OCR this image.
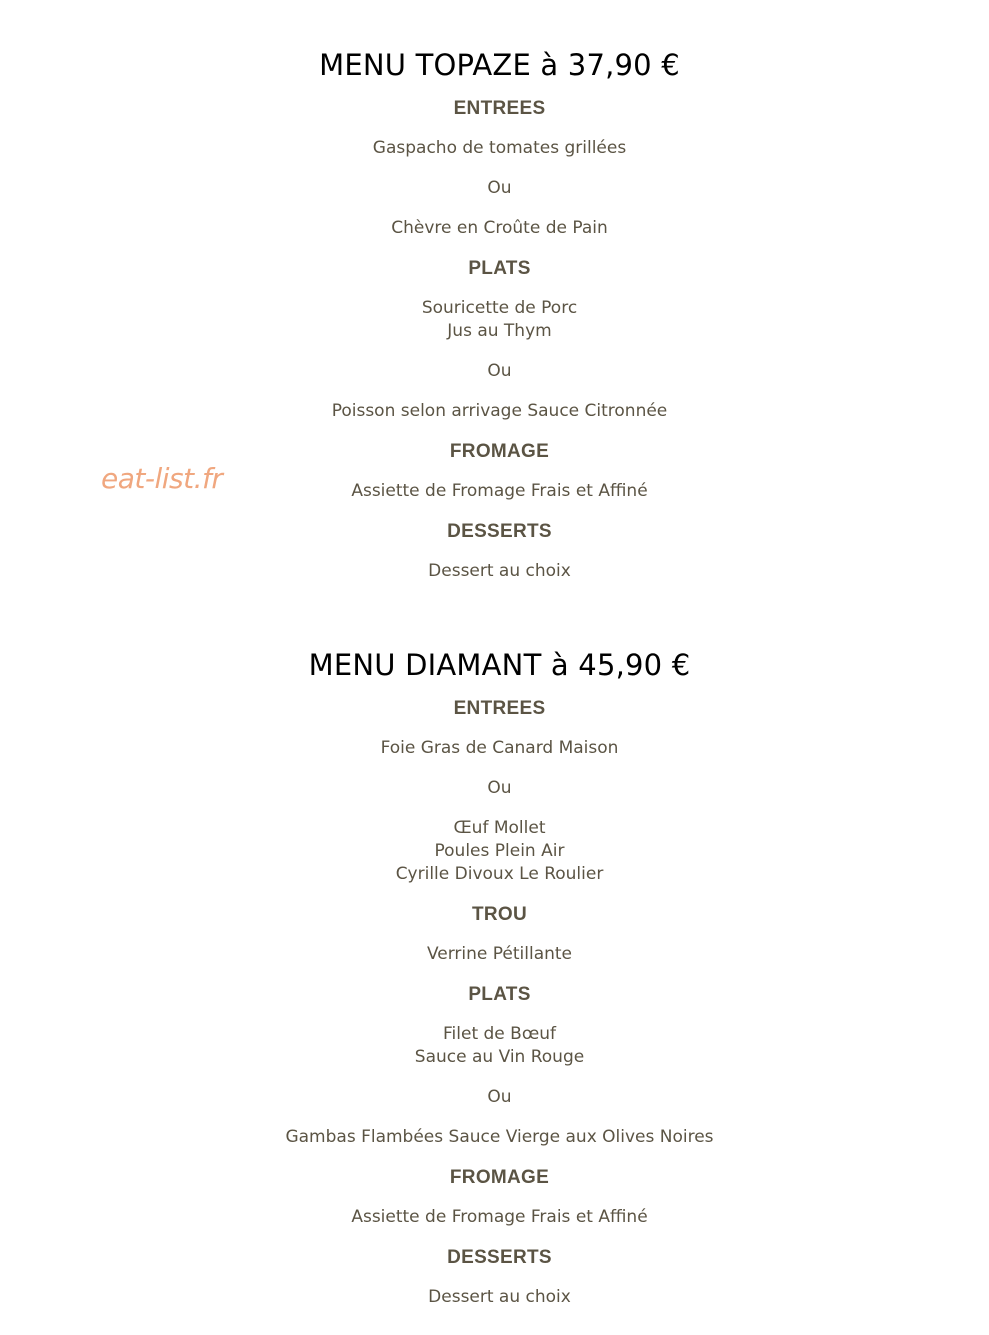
eat-list.fr
MENU TOPAZE à 37,90 €
ENTREES
Gaspacho de tomates grillées
Ou
Chèvre en Croûte de Pain
PLATS
Souricette de Porc
Jus au Thym
Ou
Poisson selon arrivage Sauce Citronnée
FROMAGE
Assiette de Fromage Frais et Affiné
DESSERTS
Dessert au choix
MENU DIAMANT à 45,90 €
ENTREES
Foie Gras de Canard Maison
Ou
Œuf Mollet
Poules Plein Air
Cyrille Divoux Le Roulier
TROU
Verrine Pétillante
PLATS
Filet de Bœuf
Sauce au Vin Rouge
Ou
Gambas Flambées Sauce Vierge aux Olives Noires
FROMAGE
Assiette de Fromage Frais et Affiné
DESSERTS
Dessert au choix
